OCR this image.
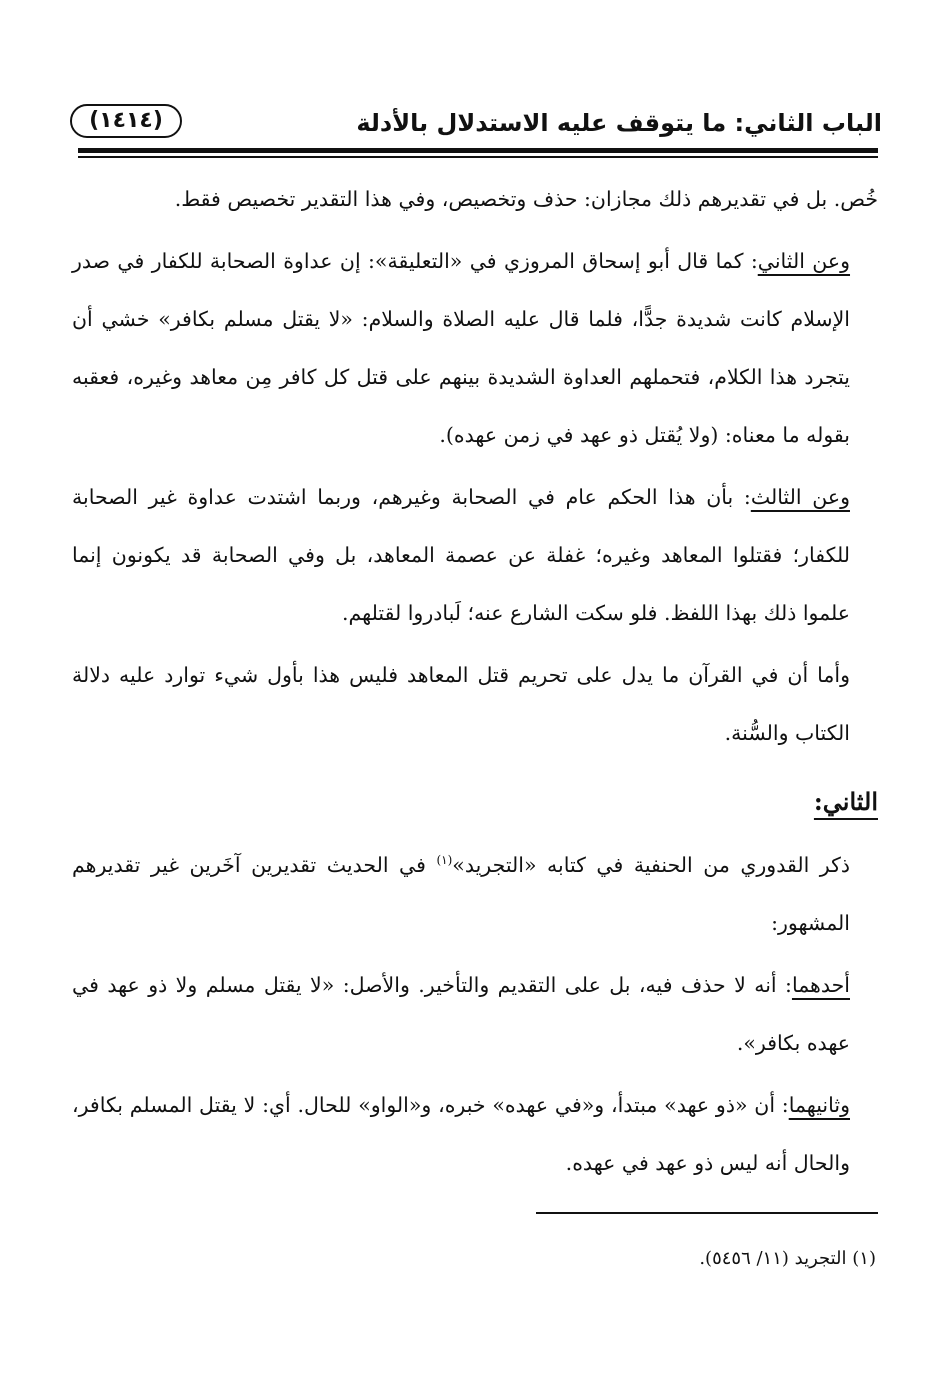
الباب الثاني: ما يتوقف عليه الاستدلال بالأدلة
(١٤١٤)

خُص. بل في تقديرهم ذلك مجازان: حذف وتخصيص، وفي هذا التقدير تخصيص فقط.

وعن الثاني: كما قال أبو إسحاق المروزي في «التعليقة»: إن عداوة الصحابة للكفار في صدر الإسلام كانت شديدة جدًّا، فلما قال عليه الصلاة والسلام: «لا يقتل مسلم بكافر» خشي أن يتجرد هذا الكلام، فتحملهم العداوة الشديدة بينهم على قتل كل كافر مِن معاهد وغيره، فعقبه بقوله ما معناه: (ولا يُقتل ذو عهد في زمن عهده).

وعن الثالث: بأن هذا الحكم عام في الصحابة وغيرهم، وربما اشتدت عداوة غير الصحابة للكفار؛ فقتلوا المعاهد وغيره؛ غفلة عن عصمة المعاهد، بل وفي الصحابة قد يكونون إنما علموا ذلك بهذا اللفظ. فلو سكت الشارع عنه؛ لَبادروا لقتلهم.

وأما أن في القرآن ما يدل على تحريم قتل المعاهد فليس هذا بأول شيء توارد عليه دلالة الكتاب والسُّنة.

الثاني:

ذكر القدوري من الحنفية في كتابه «التجريد»$^{(١)}$ في الحديث تقديرين آخَرين غير تقديرهم المشهور:

أحدهما: أنه لا حذف فيه، بل على التقديم والتأخير. والأصل: «لا يقتل مسلم ولا ذو عهد في عهده بكافر».

وثانيهما: أن «ذو عهد» مبتدأ، و«في عهده» خبره، و«الواو» للحال. أي: لا يقتل المسلم بكافر، والحال أنه ليس ذو عهد في عهده.

(١) التجريد (١١/ ٥٤٥٦).
